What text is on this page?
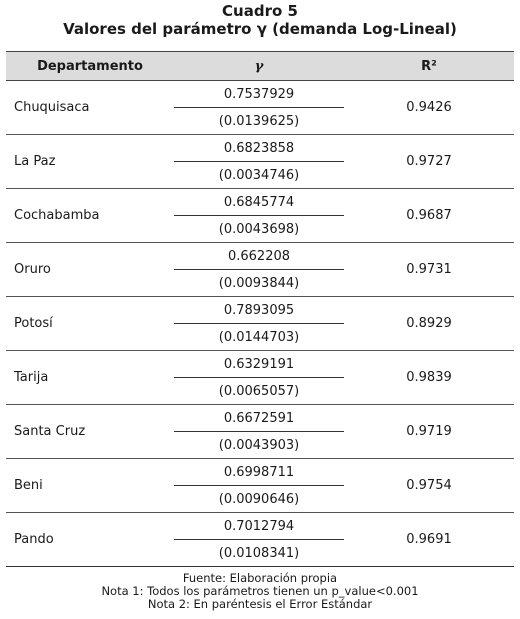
Cuadro 5
Valores del parámetro γ (demanda Log-Lineal)
Departamento	γ	R²
Chuquisaca
0.7537929
(0.0139625)
0.9426
La Paz
0.6823858
(0.0034746)
0.9727
Cochabamba
0.6845774
(0.0043698)
0.9687
Oruro
0.662208
(0.0093844)
0.9731
Potosí
0.7893095
(0.0144703)
0.8929
Tarija
0.6329191
(0.0065057)
0.9839
Santa Cruz
0.6672591
(0.0043903)
0.9719
Beni
0.6998711
(0.0090646)
0.9754
Pando
0.7012794
(0.0108341)
0.9691
Fuente: Elaboración propia
Nota 1: Todos los parámetros tienen un p_value<0.001
Nota 2: En paréntesis el Error Estándar
